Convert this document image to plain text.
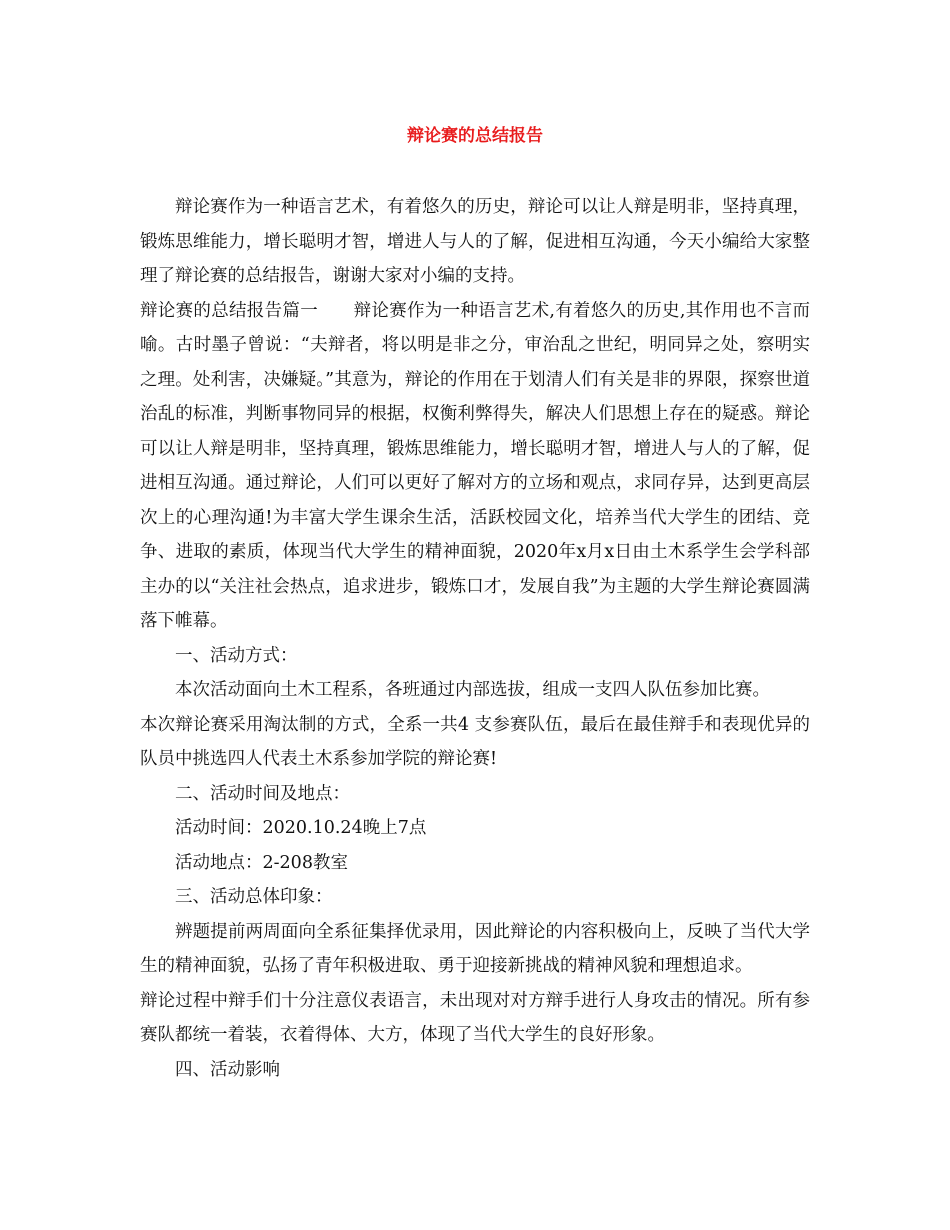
辩论赛的总结报告

辩论赛作为一种语言艺术，有着悠久的历史，辩论可以让人辩是明非，坚持真理，锻炼思维能力，增长聪明才智，增进人与人的了解，促进相互沟通，今天小编给大家整理了辩论赛的总结报告，谢谢大家对小编的支持。

辩论赛的总结报告篇一　　辩论赛作为一种语言艺术,有着悠久的历史,其作用也不言而喻。古时墨子曾说：“夫辩者，将以明是非之分，审治乱之世纪，明同异之处，察明实之理。处利害，决嫌疑。”其意为，辩论的作用在于划清人们有关是非的界限，探察世道治乱的标准，判断事物同异的根据，权衡利弊得失，解决人们思想上存在的疑惑。辩论可以让人辩是明非，坚持真理，锻炼思维能力，增长聪明才智，增进人与人的了解，促进相互沟通。通过辩论，人们可以更好了解对方的立场和观点，求同存异，达到更高层次上的心理沟通!为丰富大学生课余生活，活跃校园文化，培养当代大学生的团结、竞争、进取的素质，体现当代大学生的精神面貌，2020年x月x日由土木系学生会学科部主办的以“关注社会热点，追求进步，锻炼口才，发展自我”为主题的大学生辩论赛圆满落下帷幕。

一、活动方式：

本次活动面向土木工程系，各班通过内部选拔，组成一支四人队伍参加比赛。

本次辩论赛采用淘汰制的方式，全系一共4 支参赛队伍，最后在最佳辩手和表现优异的队员中挑选四人代表土木系参加学院的辩论赛!

二、活动时间及地点：

活动时间：2020.10.24晚上7点

活动地点：2-208教室

三、活动总体印象：

辨题提前两周面向全系征集择优录用，因此辩论的内容积极向上，反映了当代大学生的精神面貌，弘扬了青年积极进取、勇于迎接新挑战的精神风貌和理想追求。

辩论过程中辩手们十分注意仪表语言，未出现对对方辩手进行人身攻击的情况。所有参赛队都统一着装，衣着得体、大方，体现了当代大学生的良好形象。

四、活动影响
